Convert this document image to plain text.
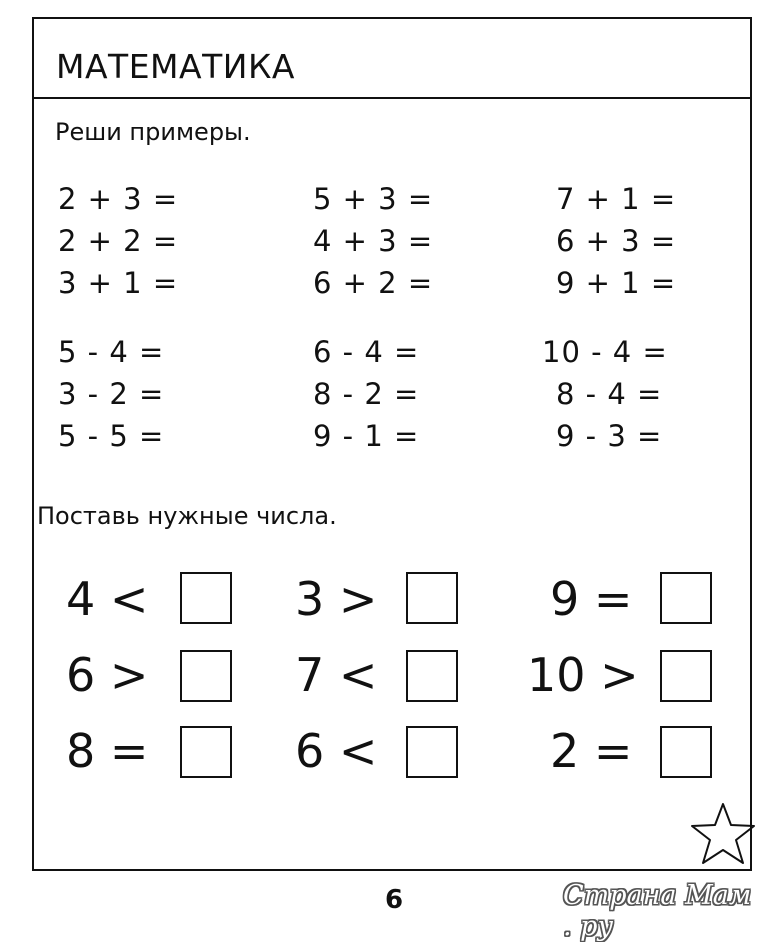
МАТЕМАТИКА
Реши примеры.
2 + 3 =	5 + 3 =	7 + 1 =
2 + 2 =	4 + 3 =	6 + 3 =
3 + 1 =	6 + 2 =	9 + 1 =
5 - 4 =	6 - 4 =	10 - 4 =
3 - 2 =	8 - 2 =	8 - 4 =
5 - 5 =	9 - 1 =	9 - 3 =
Поставь нужные числа.
4 <	3 >	9 =
6 >	7 <	10 >
8 =	6 <	2 =
6	Страна Мам . ру
